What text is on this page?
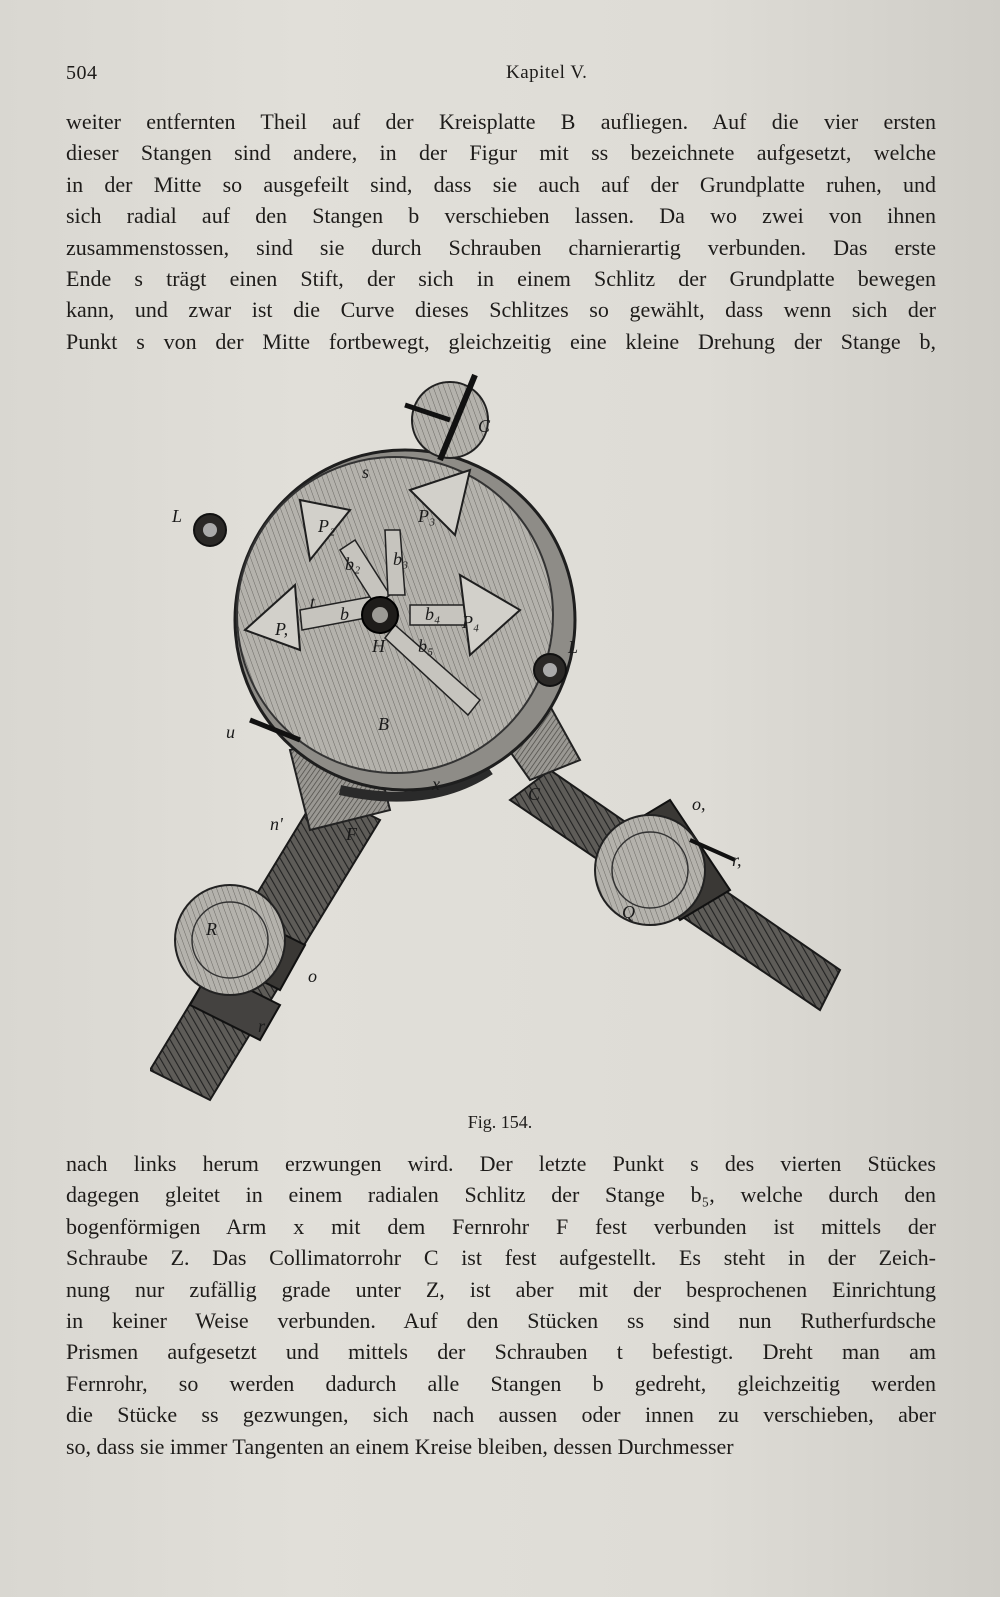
504	Kapitel V.
weiter entfernten Theil auf der Kreisplatte B aufliegen. Auf die vier ersten
dieser Stangen sind andere, in der Figur mit ss bezeichnete aufgesetzt, welche
in der Mitte so ausgefeilt sind, dass sie auch auf der Grundplatte ruhen, und
sich radial auf den Stangen b verschieben lassen. Da wo zwei von ihnen
zusammenstossen, sind sie durch Schrauben charnierartig verbunden. Das erste
Ende s trägt einen Stift, der sich in einem Schlitz der Grundplatte bewegen
kann, und zwar ist die Curve dieses Schlitzes so gewählt, dass wenn sich der
Punkt s von der Mitte fortbewegt, gleichzeitig eine kleine Drehung der Stange b,
C
L
L
P₂	P₃
P,	P₄
b
b₂ b₃
b₄
b₅
H
B
s
t
u
x
F
n'
R
r
r,
o
o,
Q
C
Fig. 154.
nach links herum erzwungen wird. Der letzte Punkt s des vierten Stückes
dagegen gleitet in einem radialen Schlitz der Stange b₅, welche durch den
bogenförmigen Arm x mit dem Fernrohr F fest verbunden ist mittels der
Schraube Z. Das Collimatorrohr C ist fest aufgestellt. Es steht in der Zeich-
nung nur zufällig grade unter Z, ist aber mit der besprochenen Einrichtung
in keiner Weise verbunden. Auf den Stücken ss sind nun Rutherfurdsche
Prismen aufgesetzt und mittels der Schrauben t befestigt. Dreht man am
Fernrohr, so werden dadurch alle Stangen b gedreht, gleichzeitig werden
die Stücke ss gezwungen, sich nach aussen oder innen zu verschieben, aber
so, dass sie immer Tangenten an einem Kreise bleiben, dessen Durchmesser
